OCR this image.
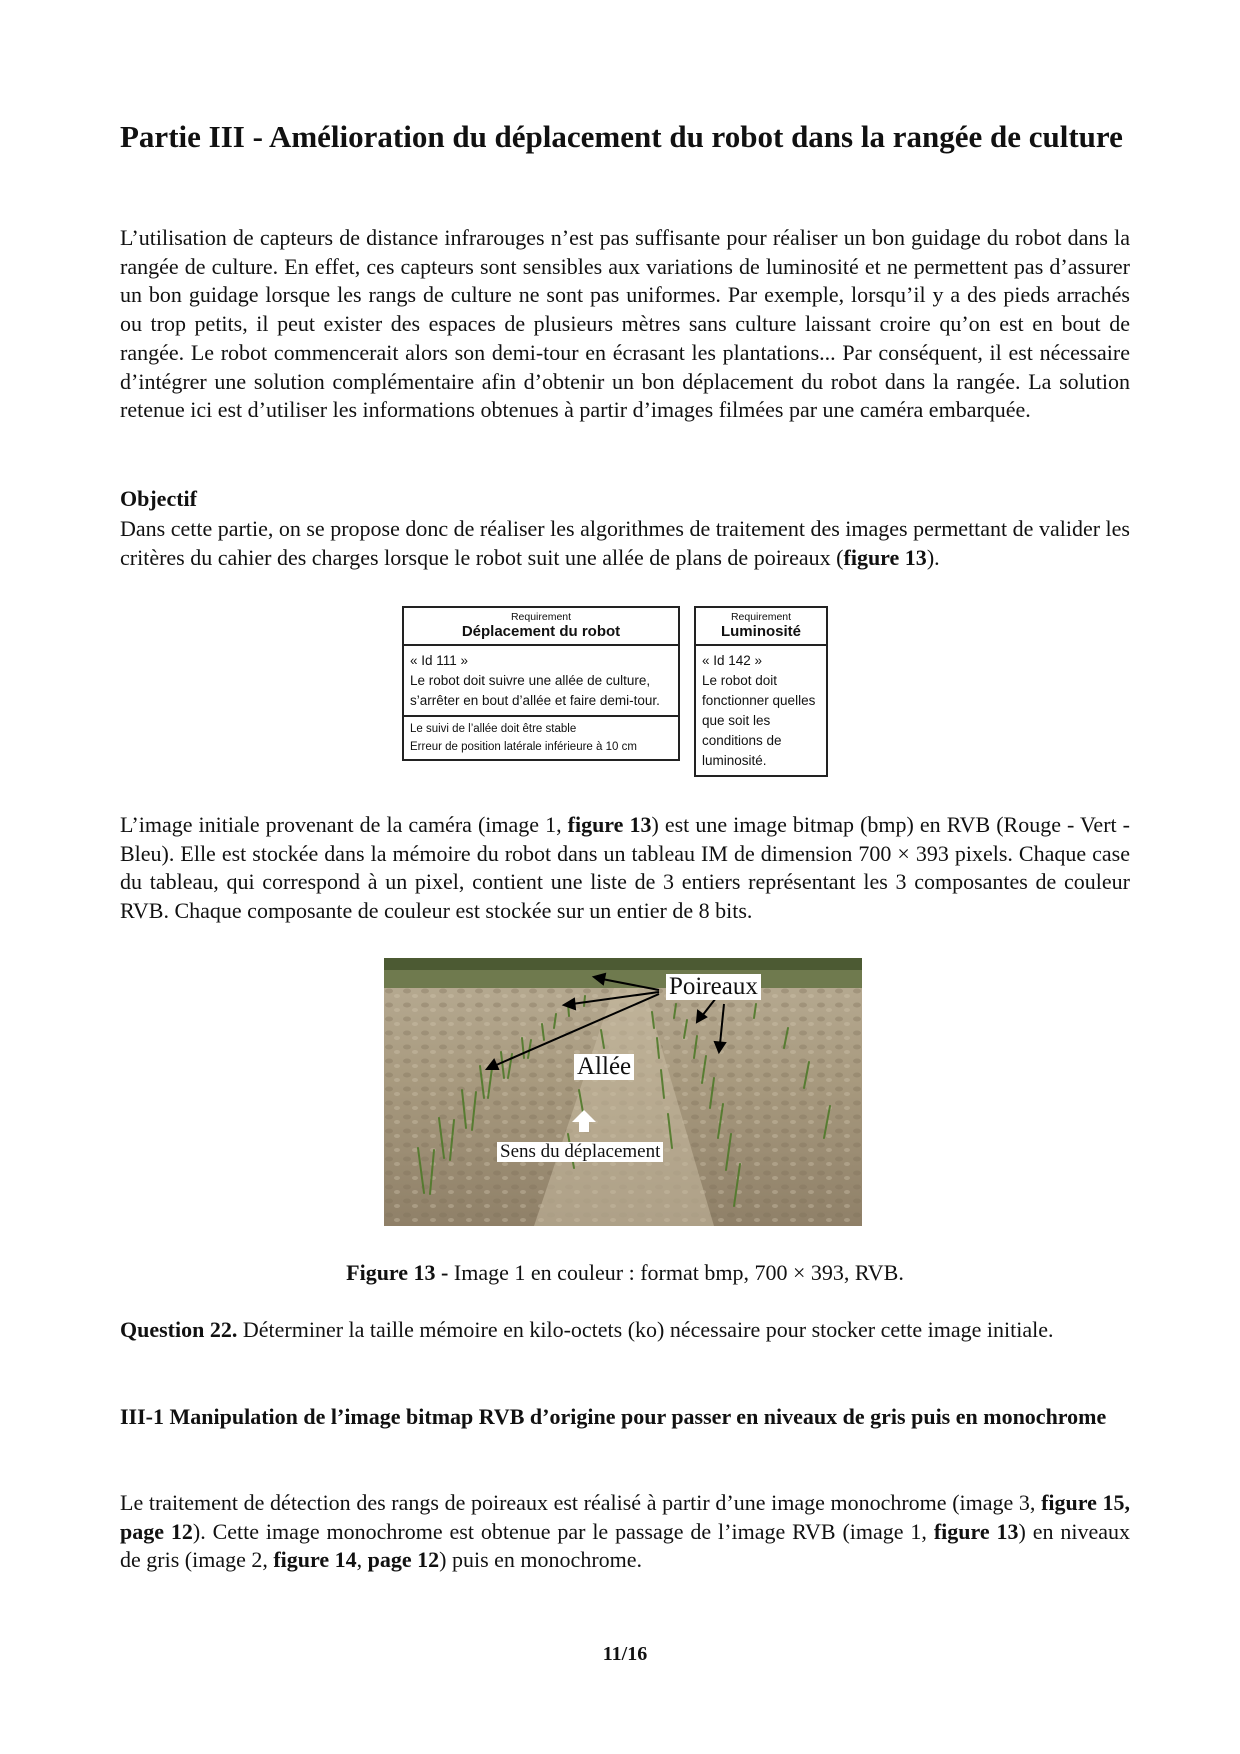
Partie III - Amélioration du déplacement du robot dans la rangée de culture

L’utilisation de capteurs de distance infrarouges n’est pas suffisante pour réaliser un bon guidage du robot dans la rangée de culture. En effet, ces capteurs sont sensibles aux variations de luminosité et ne permettent pas d’assurer un bon guidage lorsque les rangs de culture ne sont pas uniformes. Par exemple, lorsqu’il y a des pieds arrachés ou trop petits, il peut exister des espaces de plusieurs mètres sans culture laissant croire qu’on est en bout de rangée. Le robot commencerait alors son demi-tour en écrasant les plantations... Par conséquent, il est nécessaire d’intégrer une solution complémentaire afin d’obtenir un bon déplacement du robot dans la rangée. La solution retenue ici est d’utiliser les informations obtenues à partir d’images filmées par une caméra embarquée.

Objectif

Dans cette partie, on se propose donc de réaliser les algorithmes de traitement des images permettant de valider les critères du cahier des charges lorsque le robot suit une allée de plans de poireaux (figure 13).

Requirement
Déplacement du robot
« Id 111 »
Le robot doit suivre une allée de culture, s’arrêter en bout d’allée et faire demi-tour.
Le suivi de l’allée doit être stable
Erreur de position latérale inférieure à 10 cm
Requirement
Luminosité
« Id 142 »
Le robot doit fonctionner quelles que soit les conditions de luminosité.

L’image initiale provenant de la caméra (image 1, figure 13) est une image bitmap (bmp) en RVB (Rouge - Vert - Bleu). Elle est stockée dans la mémoire du robot dans un tableau IM de dimension 700 × 393 pixels. Chaque case du tableau, qui correspond à un pixel, contient une liste de 3 entiers représentant les 3 composantes de couleur RVB. Chaque composante de couleur est stockée sur un entier de 8 bits.

Poireaux
Allée
Sens du déplacement

Figure 13 - Image 1 en couleur : format bmp, 700 × 393, RVB.

Question 22. Déterminer la taille mémoire en kilo-octets (ko) nécessaire pour stocker cette image initiale.

III-1 Manipulation de l’image bitmap RVB d’origine pour passer en niveaux de gris puis en monochrome

Le traitement de détection des rangs de poireaux est réalisé à partir d’une image monochrome (image 3, figure 15, page 12). Cette image monochrome est obtenue par le passage de l’image RVB (image 1, figure 13) en niveaux de gris (image 2, figure 14, page 12) puis en monochrome.

11/16
